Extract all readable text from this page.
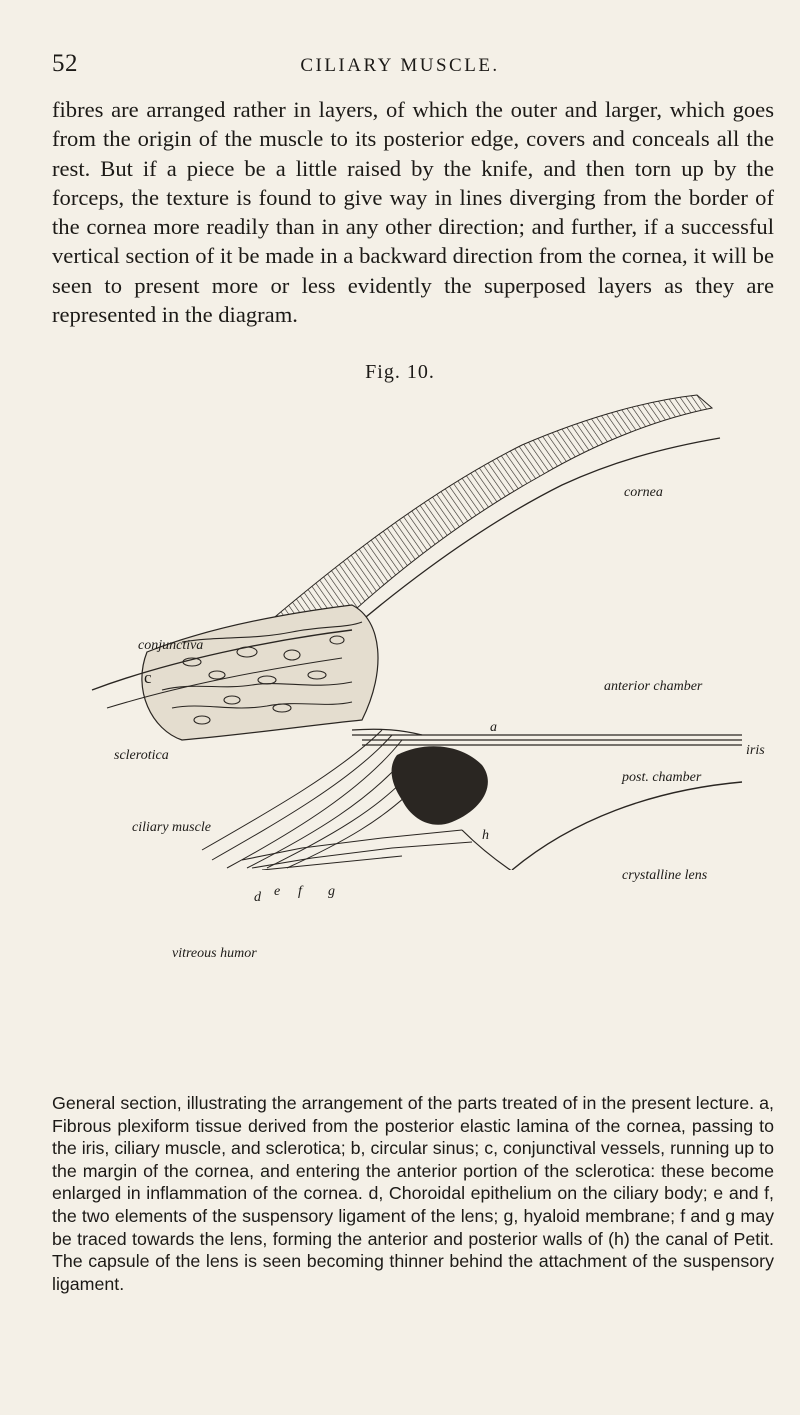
52	CILIARY MUSCLE.

fibres are arranged rather in layers, of which the outer and larger, which goes from the origin of the muscle to its posterior edge, covers and conceals all the rest. But if a piece be a little raised by the knife, and then torn up by the forceps, the texture is found to give way in lines diverging from the border of the cornea more readily than in any other direction; and further, if a successful vertical section of it be made in a backward direction from the cornea, it will be seen to present more or less evidently the superposed layers as they are represented in the diagram.

Fig. 10.
cornea
conjunctiva
c	anterior chamber
sclerotica
a
iris
post. chamber
ciliary muscle
h
crystalline lens
d e f g
vitreous humor

General section, illustrating the arrangement of the parts treated of in the present lecture. a, Fibrous plexiform tissue derived from the posterior elastic lamina of the cornea, passing to the iris, ciliary muscle, and sclerotica; b, circular sinus; c, conjunctival vessels, running up to the margin of the cornea, and entering the anterior portion of the sclerotica: these become enlarged in inflammation of the cornea. d, Choroidal epithelium on the ciliary body; e and f, the two elements of the suspensory ligament of the lens; g, hyaloid membrane; f and g may be traced towards the lens, forming the anterior and posterior walls of (h) the canal of Petit. The capsule of the lens is seen becoming thinner behind the attachment of the suspensory ligament.
